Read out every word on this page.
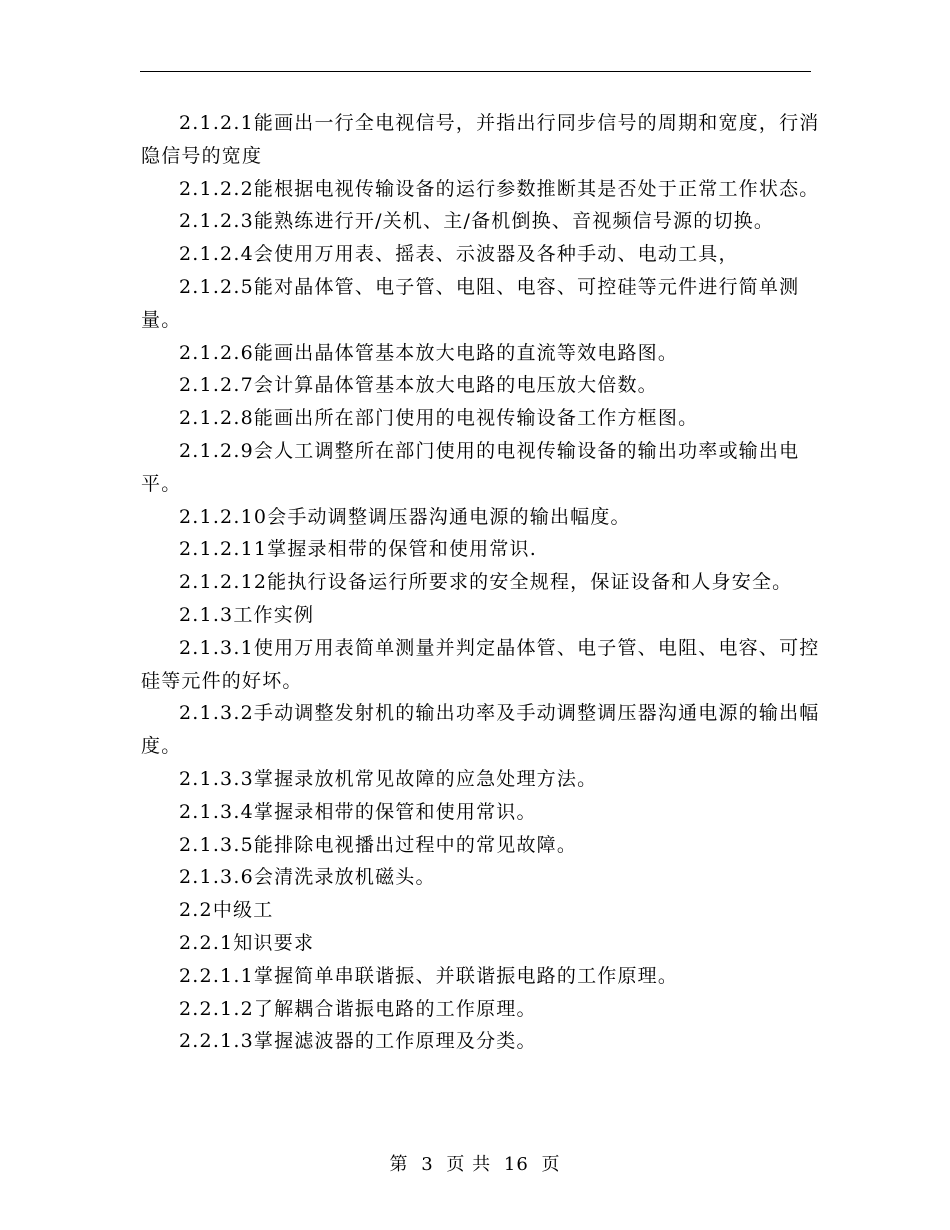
2.1.2.1能画出一行全电视信号，并指出行同步信号的周期和宽度，行消隐信号的宽度

2.1.2.2能根据电视传输设备的运行参数推断其是否处于正常工作状态。

2.1.2.3能熟练进行开/关机、主/备机倒换、音视频信号源的切换。

2.1.2.4会使用万用表、摇表、示波器及各种手动、电动工具，

2.1.2.5能对晶体管、电子管、电阻、电容、可控硅等元件进行简单测量。

2.1.2.6能画出晶体管基本放大电路的直流等效电路图。

2.1.2.7会计算晶体管基本放大电路的电压放大倍数。

2.1.2.8能画出所在部门使用的电视传输设备工作方框图。

2.1.2.9会人工调整所在部门使用的电视传输设备的输出功率或输出电平。

2.1.2.10会手动调整调压器沟通电源的输出幅度。

2.1.2.11掌握录相带的保管和使用常识.

2.1.2.12能执行设备运行所要求的安全规程，保证设备和人身安全。

2.1.3工作实例

2.1.3.1使用万用表简单测量并判定晶体管、电子管、电阻、电容、可控硅等元件的好坏。

2.1.3.2手动调整发射机的输出功率及手动调整调压器沟通电源的输出幅度。

2.1.3.3掌握录放机常见故障的应急处理方法。

2.1.3.4掌握录相带的保管和使用常识。

2.1.3.5能排除电视播出过程中的常见故障。

2.1.3.6会清洗录放机磁头。

2.2中级工

2.2.1知识要求

2.2.1.1掌握简单串联谐振、并联谐振电路的工作原理。

2.2.1.2了解耦合谐振电路的工作原理。

2.2.1.3掌握滤波器的工作原理及分类。

第 3 页 共 16 页
